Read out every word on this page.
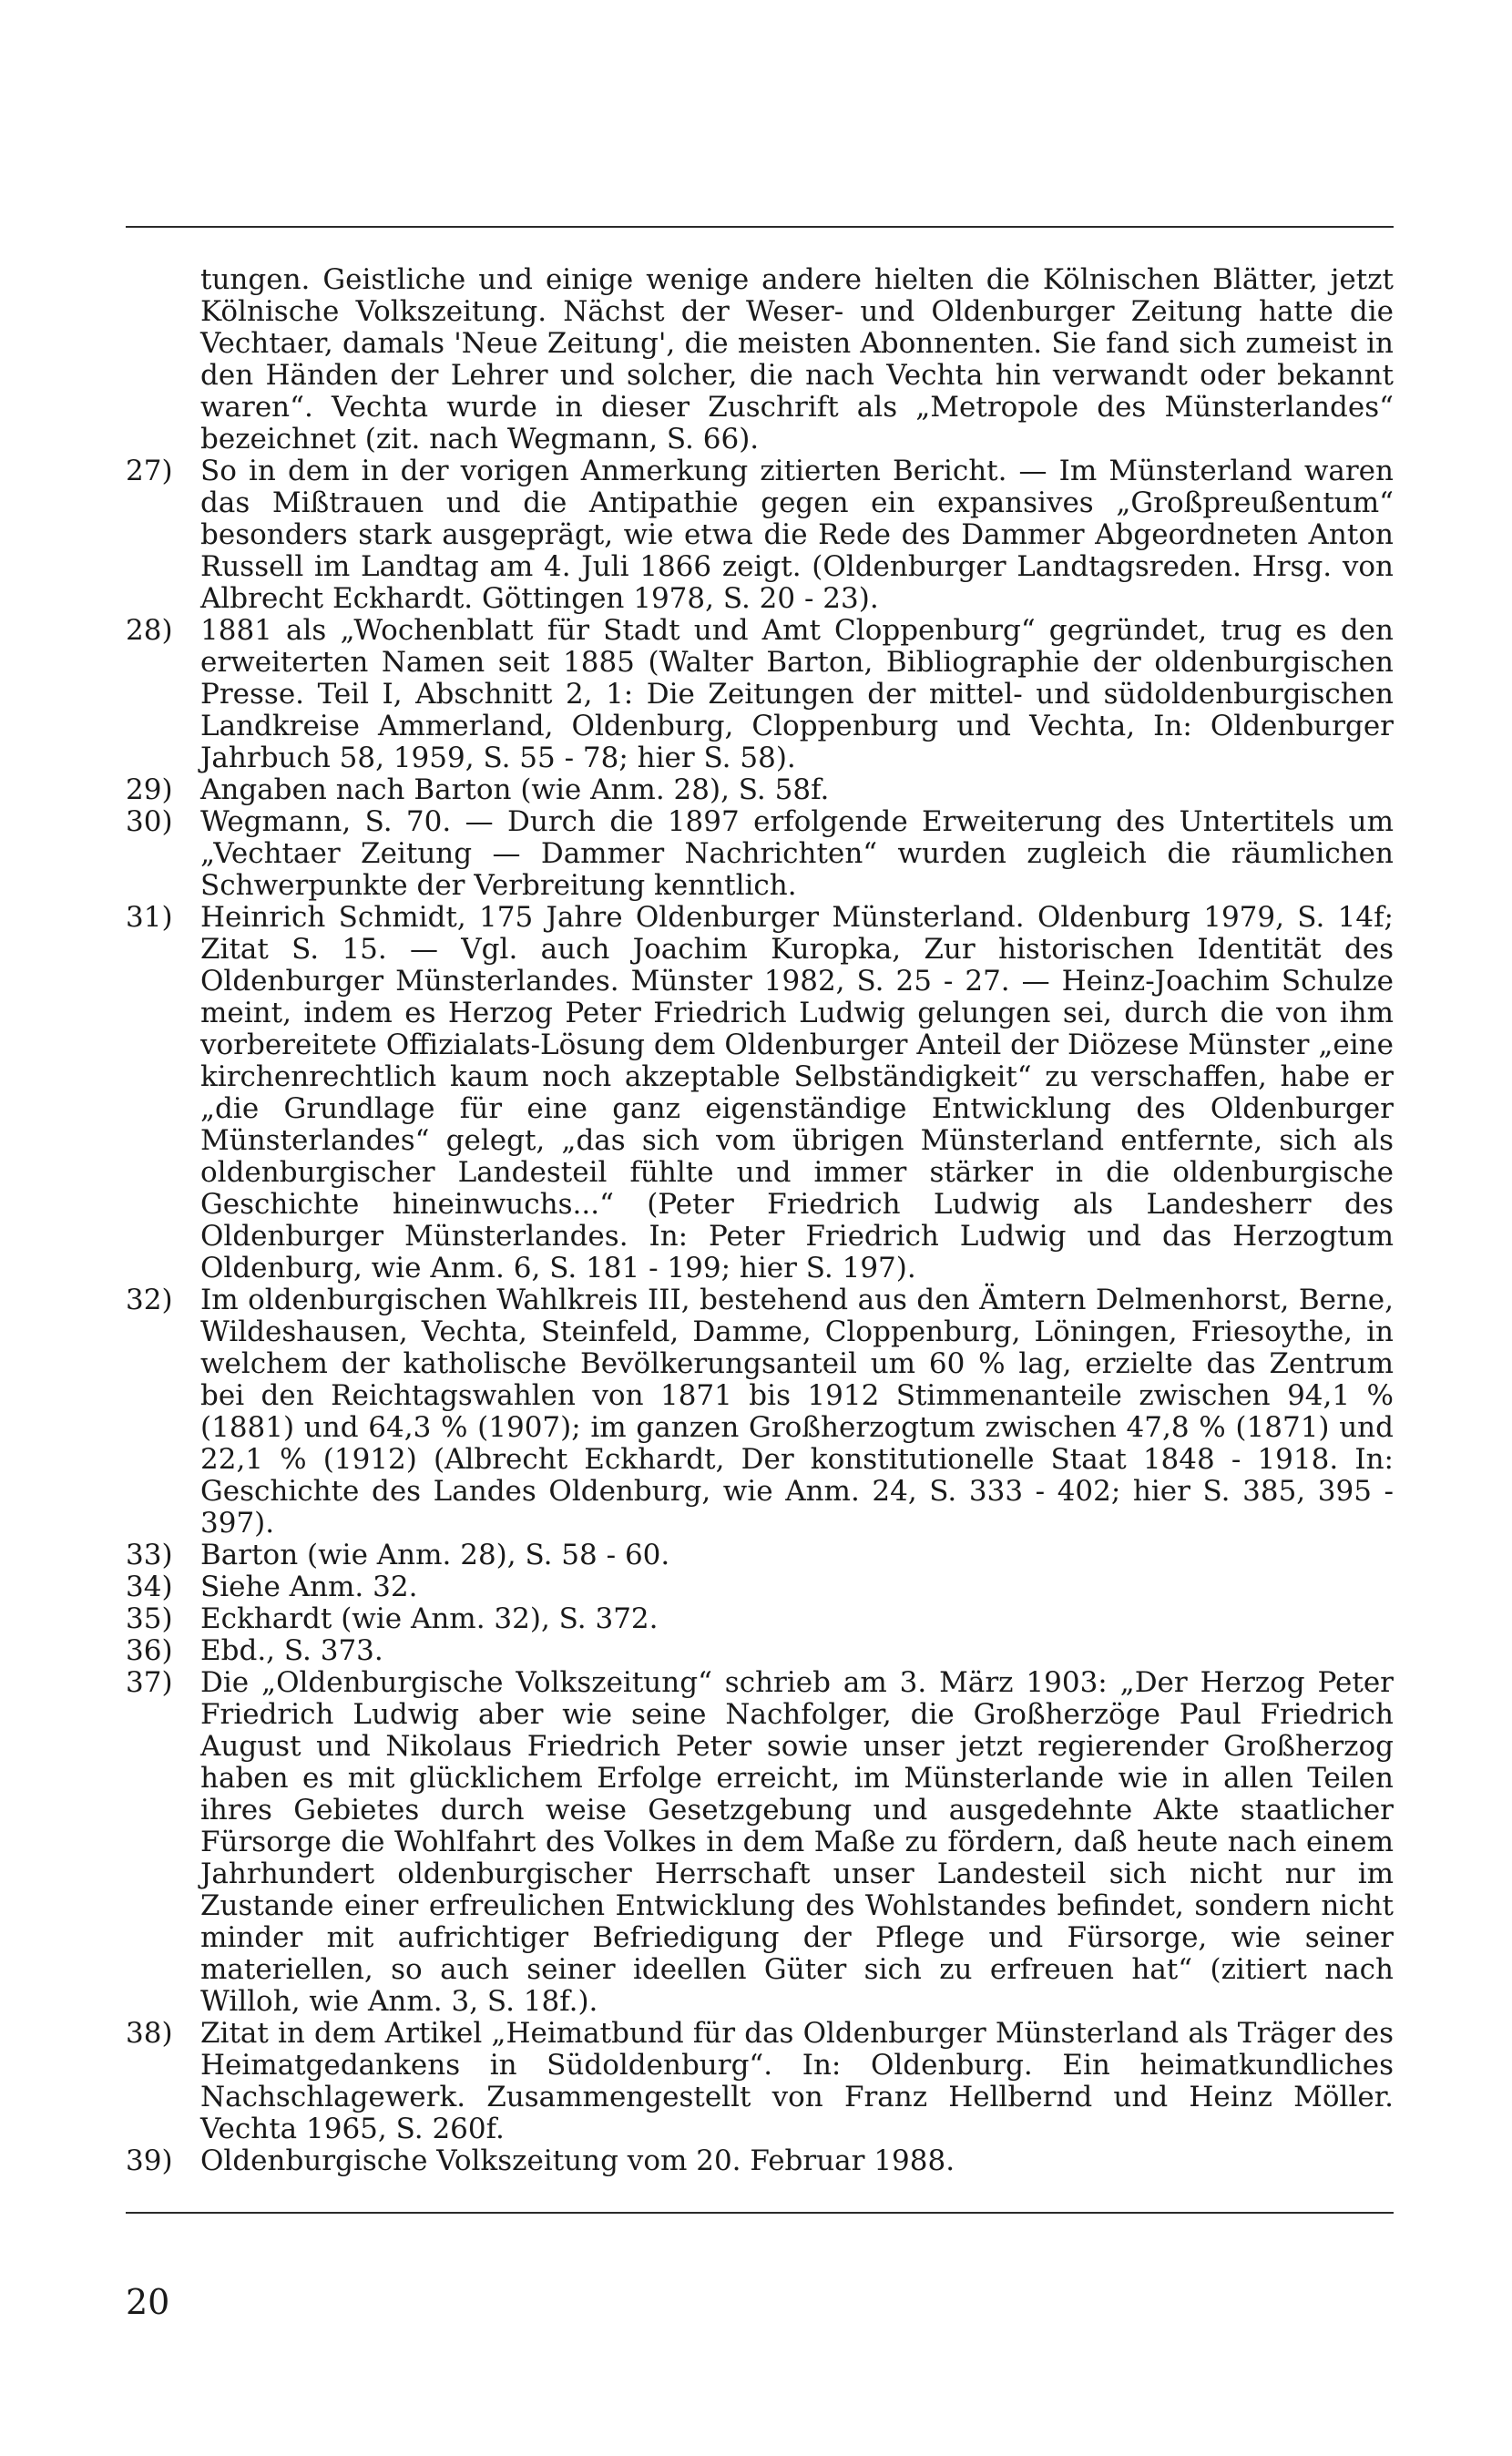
tungen. Geistliche und einige wenige andere hielten die Kölnischen Blätter, jetzt Kölnische Volkszeitung. Nächst der Weser- und Oldenburger Zeitung hatte die Vechtaer, damals 'Neue Zeitung', die meisten Abonnenten. Sie fand sich zumeist in den Händen der Lehrer und solcher, die nach Vechta hin verwandt oder bekannt waren“. Vechta wurde in dieser Zuschrift als „Metropole des Münsterlandes“ bezeichnet (zit. nach Wegmann, S. 66).

27) So in dem in der vorigen Anmerkung zitierten Bericht. — Im Münsterland waren das Mißtrauen und die Antipathie gegen ein expansives „Großpreußentum“ besonders stark ausgeprägt, wie etwa die Rede des Dammer Abgeordneten Anton Russell im Landtag am 4. Juli 1866 zeigt. (Oldenburger Landtagsreden. Hrsg. von Albrecht Eckhardt. Göttingen 1978, S. 20 - 23).
28) 1881 als „Wochenblatt für Stadt und Amt Cloppenburg“ gegründet, trug es den erweiterten Namen seit 1885 (Walter Barton, Bibliographie der oldenburgischen Presse. Teil I, Abschnitt 2, 1: Die Zeitungen der mittel- und südoldenburgischen Landkreise Ammerland, Oldenburg, Cloppenburg und Vechta, In: Oldenburger Jahrbuch 58, 1959, S. 55 - 78; hier S. 58).
29) Angaben nach Barton (wie Anm. 28), S. 58f.
30) Wegmann, S. 70. — Durch die 1897 erfolgende Erweiterung des Untertitels um „Vechtaer Zeitung — Dammer Nachrichten“ wurden zugleich die räumlichen Schwerpunkte der Verbreitung kenntlich.
31) Heinrich Schmidt, 175 Jahre Oldenburger Münsterland. Oldenburg 1979, S. 14f; Zitat S. 15. — Vgl. auch Joachim Kuropka, Zur historischen Identität des Oldenburger Münsterlandes. Münster 1982, S. 25 - 27. — Heinz-Joachim Schulze meint, indem es Herzog Peter Friedrich Ludwig gelungen sei, durch die von ihm vorbereitete Offizialats-Lösung dem Oldenburger Anteil der Diözese Münster „eine kirchenrechtlich kaum noch akzeptable Selbständigkeit“ zu verschaffen, habe er „die Grundlage für eine ganz eigenständige Entwicklung des Oldenburger Münsterlandes“ gelegt, „das sich vom übrigen Münsterland entfernte, sich als oldenburgischer Landesteil fühlte und immer stärker in die oldenburgische Geschichte hineinwuchs...“ (Peter Friedrich Ludwig als Landesherr des Oldenburger Münsterlandes. In: Peter Friedrich Ludwig und das Herzogtum Oldenburg, wie Anm. 6, S. 181 - 199; hier S. 197).
32) Im oldenburgischen Wahlkreis III, bestehend aus den Ämtern Delmenhorst, Berne, Wildeshausen, Vechta, Steinfeld, Damme, Cloppenburg, Löningen, Friesoythe, in welchem der katholische Bevölkerungsanteil um 60 % lag, erzielte das Zentrum bei den Reichtagswahlen von 1871 bis 1912 Stimmenanteile zwischen 94,1 % (1881) und 64,3 % (1907); im ganzen Großherzogtum zwischen 47,8 % (1871) und 22,1 % (1912) (Albrecht Eckhardt, Der konstitutionelle Staat 1848 - 1918. In: Geschichte des Landes Oldenburg, wie Anm. 24, S. 333 - 402; hier S. 385, 395 - 397).
33) Barton (wie Anm. 28), S. 58 - 60.
34) Siehe Anm. 32.
35) Eckhardt (wie Anm. 32), S. 372.
36) Ebd., S. 373.
37) Die „Oldenburgische Volkszeitung“ schrieb am 3. März 1903: „Der Herzog Peter Friedrich Ludwig aber wie seine Nachfolger, die Großherzöge Paul Friedrich August und Nikolaus Friedrich Peter sowie unser jetzt regierender Großherzog haben es mit glücklichem Erfolge erreicht, im Münsterlande wie in allen Teilen ihres Gebietes durch weise Gesetzgebung und ausgedehnte Akte staatlicher Fürsorge die Wohlfahrt des Volkes in dem Maße zu fördern, daß heute nach einem Jahrhundert oldenburgischer Herrschaft unser Landesteil sich nicht nur im Zustande einer erfreulichen Entwicklung des Wohlstandes befindet, sondern nicht minder mit aufrichtiger Befriedigung der Pflege und Fürsorge, wie seiner materiellen, so auch seiner ideellen Güter sich zu erfreuen hat“ (zitiert nach Willoh, wie Anm. 3, S. 18f.).
38) Zitat in dem Artikel „Heimatbund für das Oldenburger Münsterland als Träger des Heimatgedankens in Südoldenburg“. In: Oldenburg. Ein heimatkundliches Nachschlagewerk. Zusammengestellt von Franz Hellbernd und Heinz Möller. Vechta 1965, S. 260f.
39) Oldenburgische Volkszeitung vom 20. Februar 1988.
20
